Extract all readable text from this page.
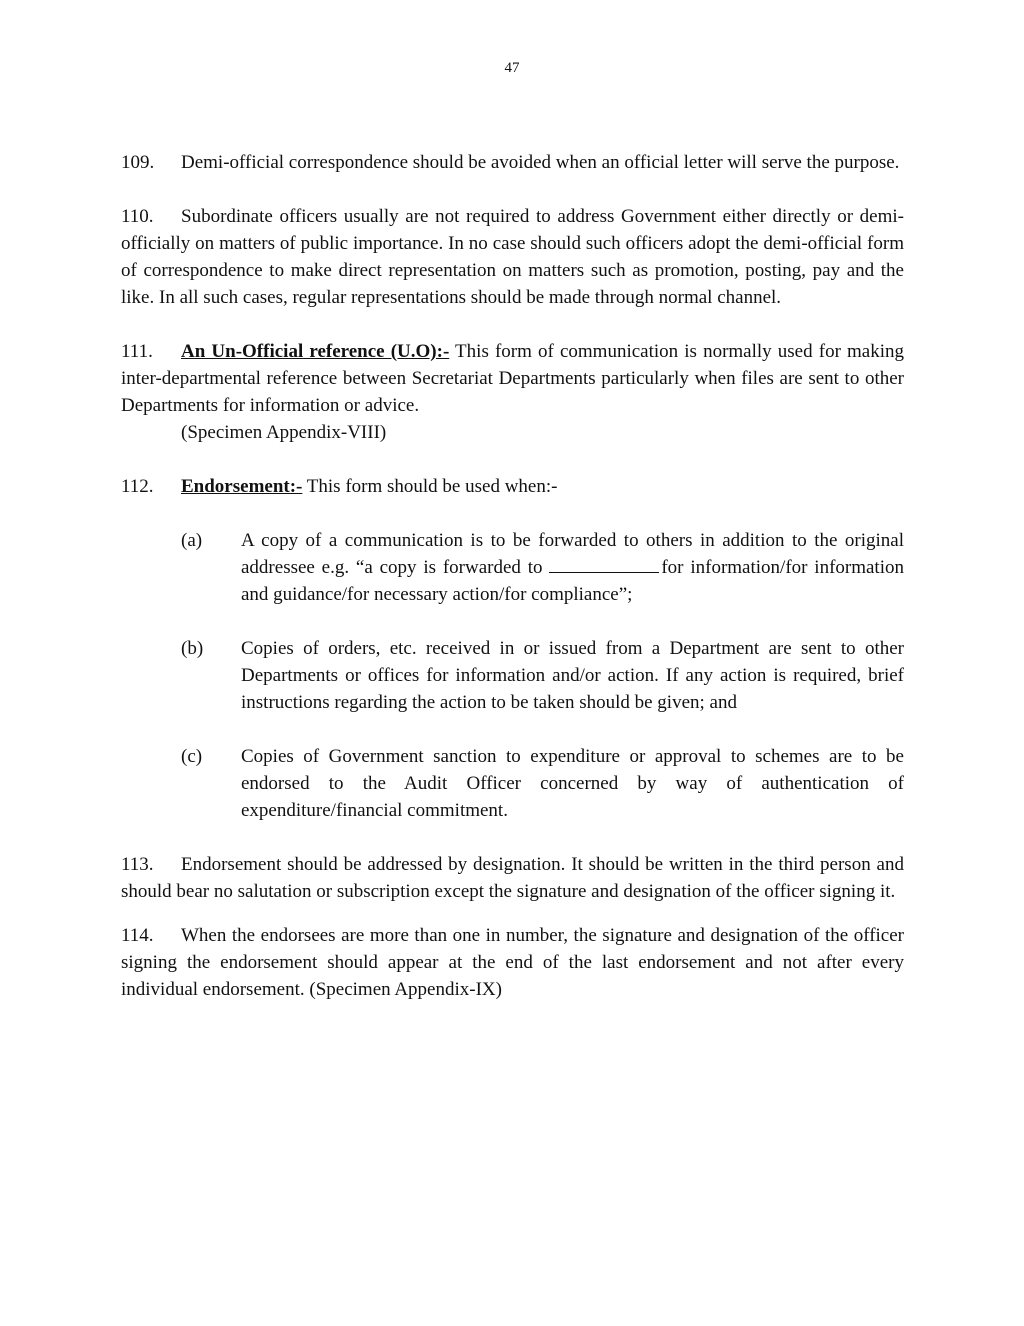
47

109. Demi-official correspondence should be avoided when an official letter will serve the purpose.

110. Subordinate officers usually are not required to address Government either directly or demi-officially on matters of public importance. In no case should such officers adopt the demi-official form of correspondence to make direct representation on matters such as promotion, posting, pay and the like. In all such cases, regular representations should be made through normal channel.

111. An Un-Official reference (U.O):- This form of communication is normally used for making inter-departmental reference between Secretariat Departments particularly when files are sent to other Departments for information or advice.

(Specimen Appendix-VIII)

112. Endorsement:- This form should be used when:-

(a)	A copy of a communication is to be forwarded to others in addition to the original addressee e.g. “a copy is forwarded to	for information/for information and guidance/for necessary action/for compliance”;
(b)	Copies of orders, etc. received in or issued from a Department are sent to other Departments or offices for information and/or action. If any action is required, brief instructions regarding the action to be taken should be given; and
(c)	Copies of Government sanction to expenditure or approval to schemes are to be endorsed to the Audit Officer concerned by way of authentication of expenditure/financial commitment.

113. Endorsement should be addressed by designation. It should be written in the third person and should bear no salutation or subscription except the signature and designation of the officer signing it.

114. When the endorsees are more than one in number, the signature and designation of the officer signing the endorsement should appear at the end of the last endorsement and not after every individual endorsement. (Specimen Appendix-IX)
